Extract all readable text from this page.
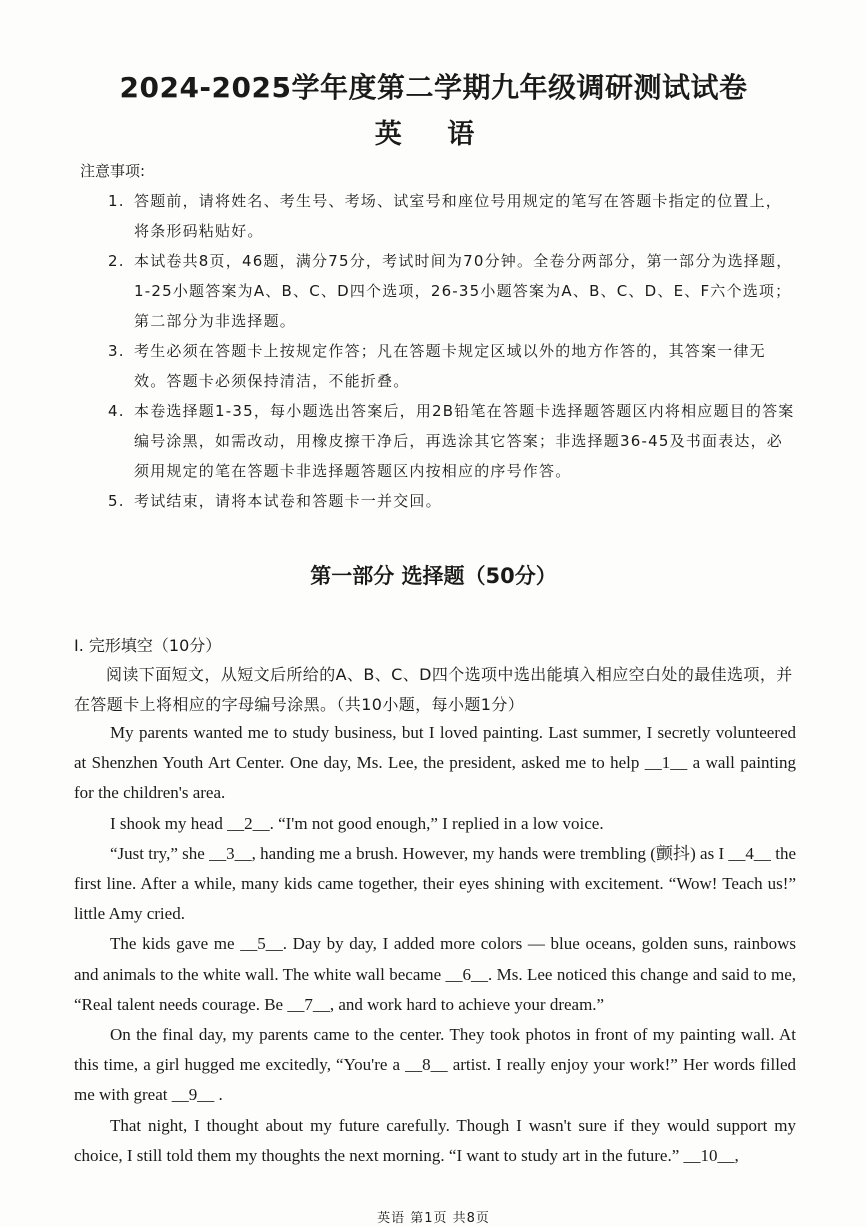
2024-2025学年度第二学期九年级调研测试试卷
英 语
注意事项:
1. 答题前，请将姓名、考生号、考场、试室号和座位号用规定的笔写在答题卡指定的位置上，将条形码粘贴好。
2. 本试卷共8页，46题，满分75分，考试时间为70分钟。全卷分两部分，第一部分为选择题，1-25小题答案为A、B、C、D四个选项，26-35小题答案为A、B、C、D、E、F六个选项；第二部分为非选择题。
3. 考生必须在答题卡上按规定作答；凡在答题卡规定区域以外的地方作答的，其答案一律无效。答题卡必须保持清洁，不能折叠。
4. 本卷选择题1-35，每小题选出答案后，用2B铅笔在答题卡选择题答题区内将相应题目的答案编号涂黑，如需改动，用橡皮擦干净后，再选涂其它答案；非选择题36-45及书面表达，必须用规定的笔在答题卡非选择题答题区内按相应的序号作答。
5. 考试结束，请将本试卷和答题卡一并交回。
第一部分 选择题（50分）
I. 完形填空（10分）
阅读下面短文，从短文后所给的A、B、C、D四个选项中选出能填入相应空白处的最佳选项，并在答题卡上将相应的字母编号涂黑。（共10小题，每小题1分）

My parents wanted me to study business, but I loved painting. Last summer, I secretly volunteered at Shenzhen Youth Art Center. One day, Ms. Lee, the president, asked me to help __1__ a wall painting for the children's area.

I shook my head __2__. “I'm not good enough,” I replied in a low voice.

“Just try,” she __3__, handing me a brush. However, my hands were trembling (颤抖) as I __4__ the first line. After a while, many kids came together, their eyes shining with excitement. “Wow! Teach us!” little Amy cried.

The kids gave me __5__. Day by day, I added more colors — blue oceans, golden suns, rainbows and animals to the white wall. The white wall became __6__. Ms. Lee noticed this change and said to me, “Real talent needs courage. Be __7__, and work hard to achieve your dream.”

On the final day, my parents came to the center. They took photos in front of my painting wall. At this time, a girl hugged me excitedly, “You're a __8__ artist. I really enjoy your work!” Her words filled me with great __9__ .

That night, I thought about my future carefully. Though I wasn't sure if they would support my choice, I still told them my thoughts the next morning. “I want to study art in the future.” __10__,

英语 第1页 共8页
